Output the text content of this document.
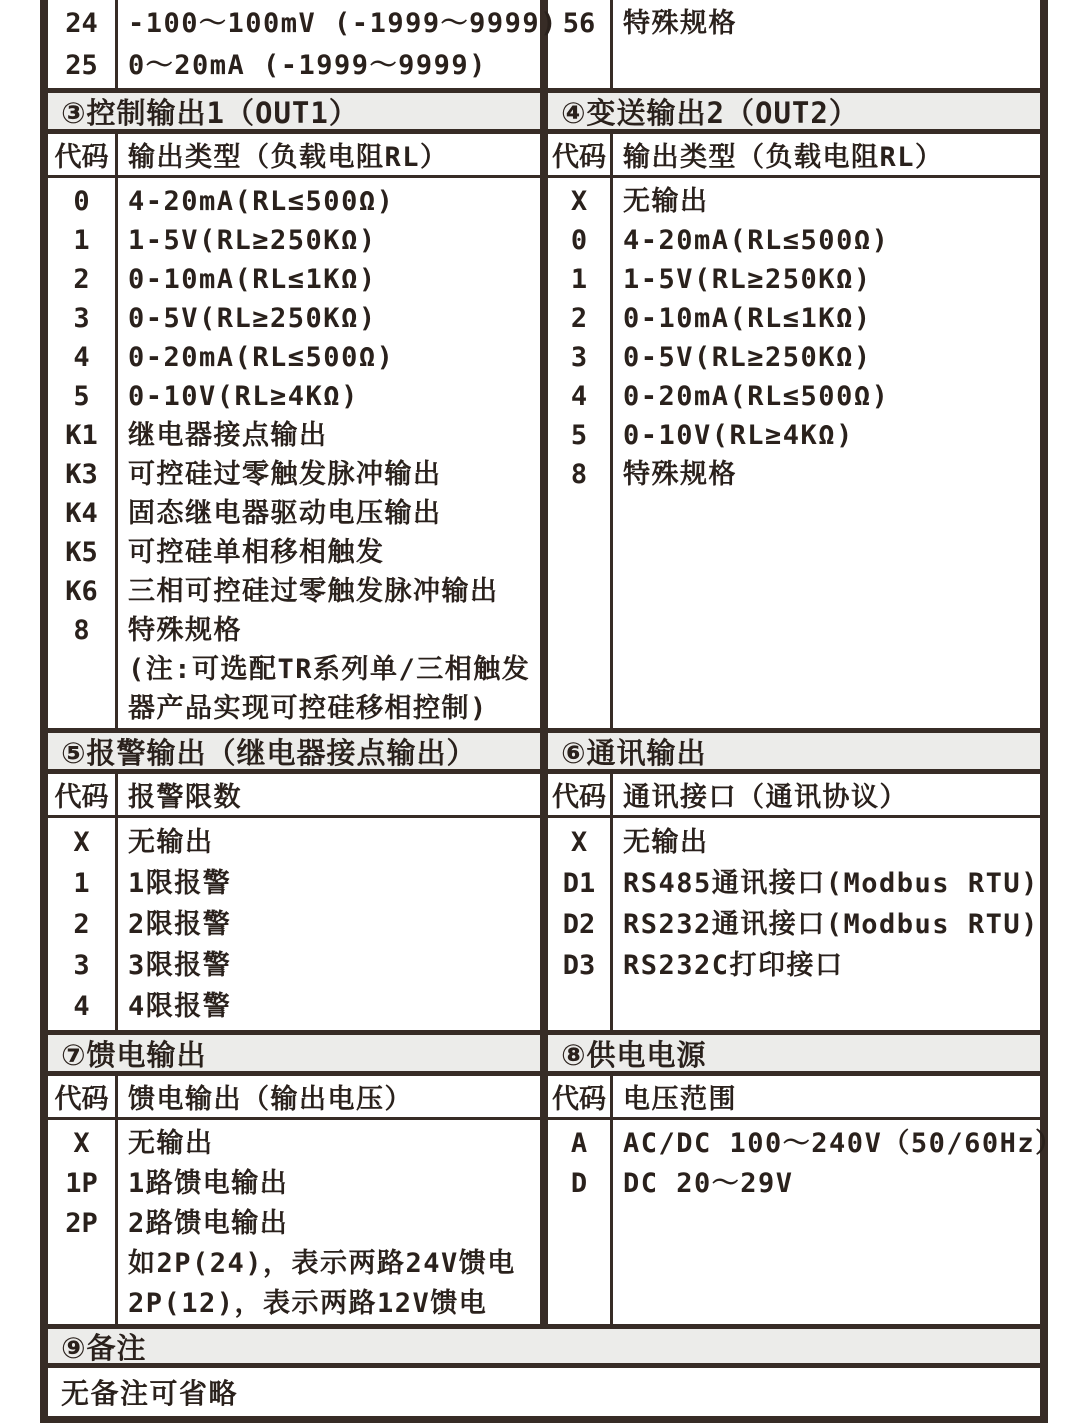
24	-100～100mV (-1999～9999)
25	0～20mA (-1999～9999)
56	特殊规格
③控制输出1（OUT1）	④变送输出2（OUT2）
代码 输出类型（负载电阻RL）	代码 输出类型（负载电阻RL）
0	4-20mA(RL≤500Ω)
1	1-5V(RL≥250KΩ)
2	0-10mA(RL≤1KΩ)
3	0-5V(RL≥250KΩ)
4	0-20mA(RL≤500Ω)
5	0-10V(RL≥4KΩ)
K1	继电器接点输出
K3	可控硅过零触发脉冲输出
K4	固态继电器驱动电压输出
K5	可控硅单相移相触发
K6	三相可控硅过零触发脉冲输出
8	特殊规格
(注:可选配TR系列单/三相触发
器产品实现可控硅移相控制)
X	无输出
0	4-20mA(RL≤500Ω)
1	1-5V(RL≥250KΩ)
2	0-10mA(RL≤1KΩ)
3	0-5V(RL≥250KΩ)
4	0-20mA(RL≤500Ω)
5	0-10V(RL≥4KΩ)
8	特殊规格
⑤报警输出（继电器接点输出）	⑥通讯输出
代码 报警限数	代码 通讯接口（通讯协议）
X	无输出
1	1限报警
2	2限报警
3	3限报警
4	4限报警
X	无输出
D1	RS485通讯接口(Modbus RTU)
D2	RS232通讯接口(Modbus RTU)
D3	RS232C打印接口
⑦馈电输出	⑧供电电源
代码 馈电输出（输出电压）	代码 电压范围
X	无输出
1P	1路馈电输出
2P	2路馈电输出
如2P(24)，表示两路24V馈电
2P(12)，表示两路12V馈电
A	AC/DC 100～240V（50/60Hz）
D	DC 20～29V
⑨备注
无备注可省略
